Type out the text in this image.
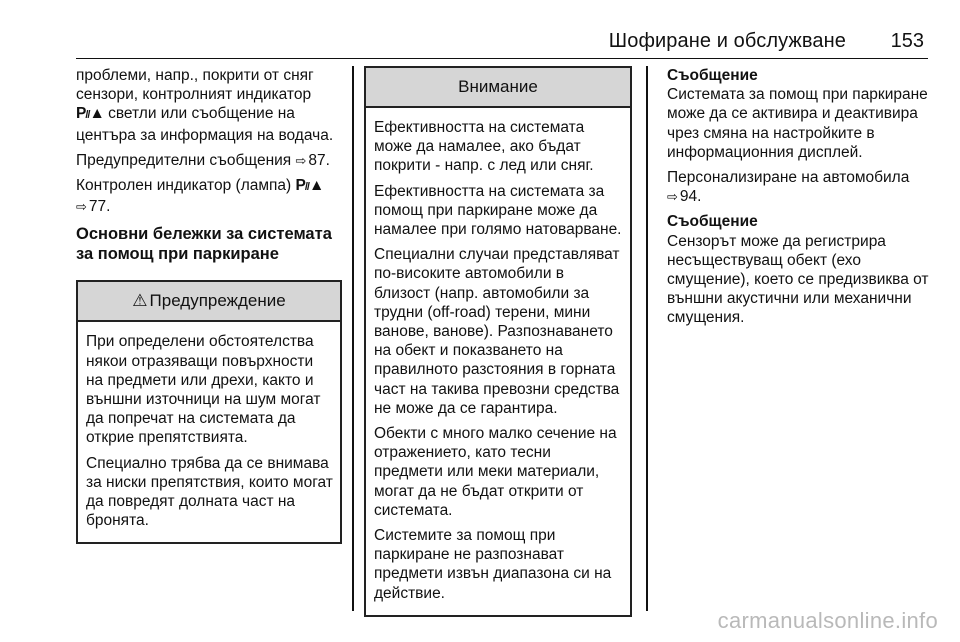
Шофиране и обслужване 153

проблеми, напр., покрити от сняг сензори, контролният индикатор
P//▲ светли или съобщение на центъра за информация на водача.

Предупредителни съобщения ⇨ 87.

Контролен индикатор (лампа) P//▲
⇨ 77.

Основни бележки за системата за помощ при паркиране
⚠ Предупреждение

При определени обстоятелства някои отразяващи повърхности на предмети или дрехи, както и външни източници на шум могат да попречат на системата да открие препятствията.

Специално трябва да се внимава за ниски препятствия, които могат да повредят долната част на бронята.

Внимание

Ефективността на системата може да намалее, ако бъдат покрити - напр. с лед или сняг.

Ефективността на системата за помощ при паркиране може да намалее при голямо натоварване.

Специални случаи представляват по-високите автомобили в близост (напр. автомобили за трудни (off-road) терени, мини ванове, ванове). Разпознаването на обект и показването на правилното разстояния в горната част на такива превозни средства не може да се гарантира.

Обекти с много малко сечение на отражението, като тесни предмети или меки материали, могат да не бъдат открити от системата.

Системите за помощ при паркиране не разпознават предмети извън диапазона си на действие.

Съобщение

Системата за помощ при паркиране може да се активира и деактивира чрез смяна на настройките в информационния дисплей.

Персонализиране на автомобила
⇨ 94.

Съобщение

Сензорът може да регистрира несъществуващ обект (ехо смущение), което се предизвиква от външни акустични или механични смущения.

carmanualsonline.info
